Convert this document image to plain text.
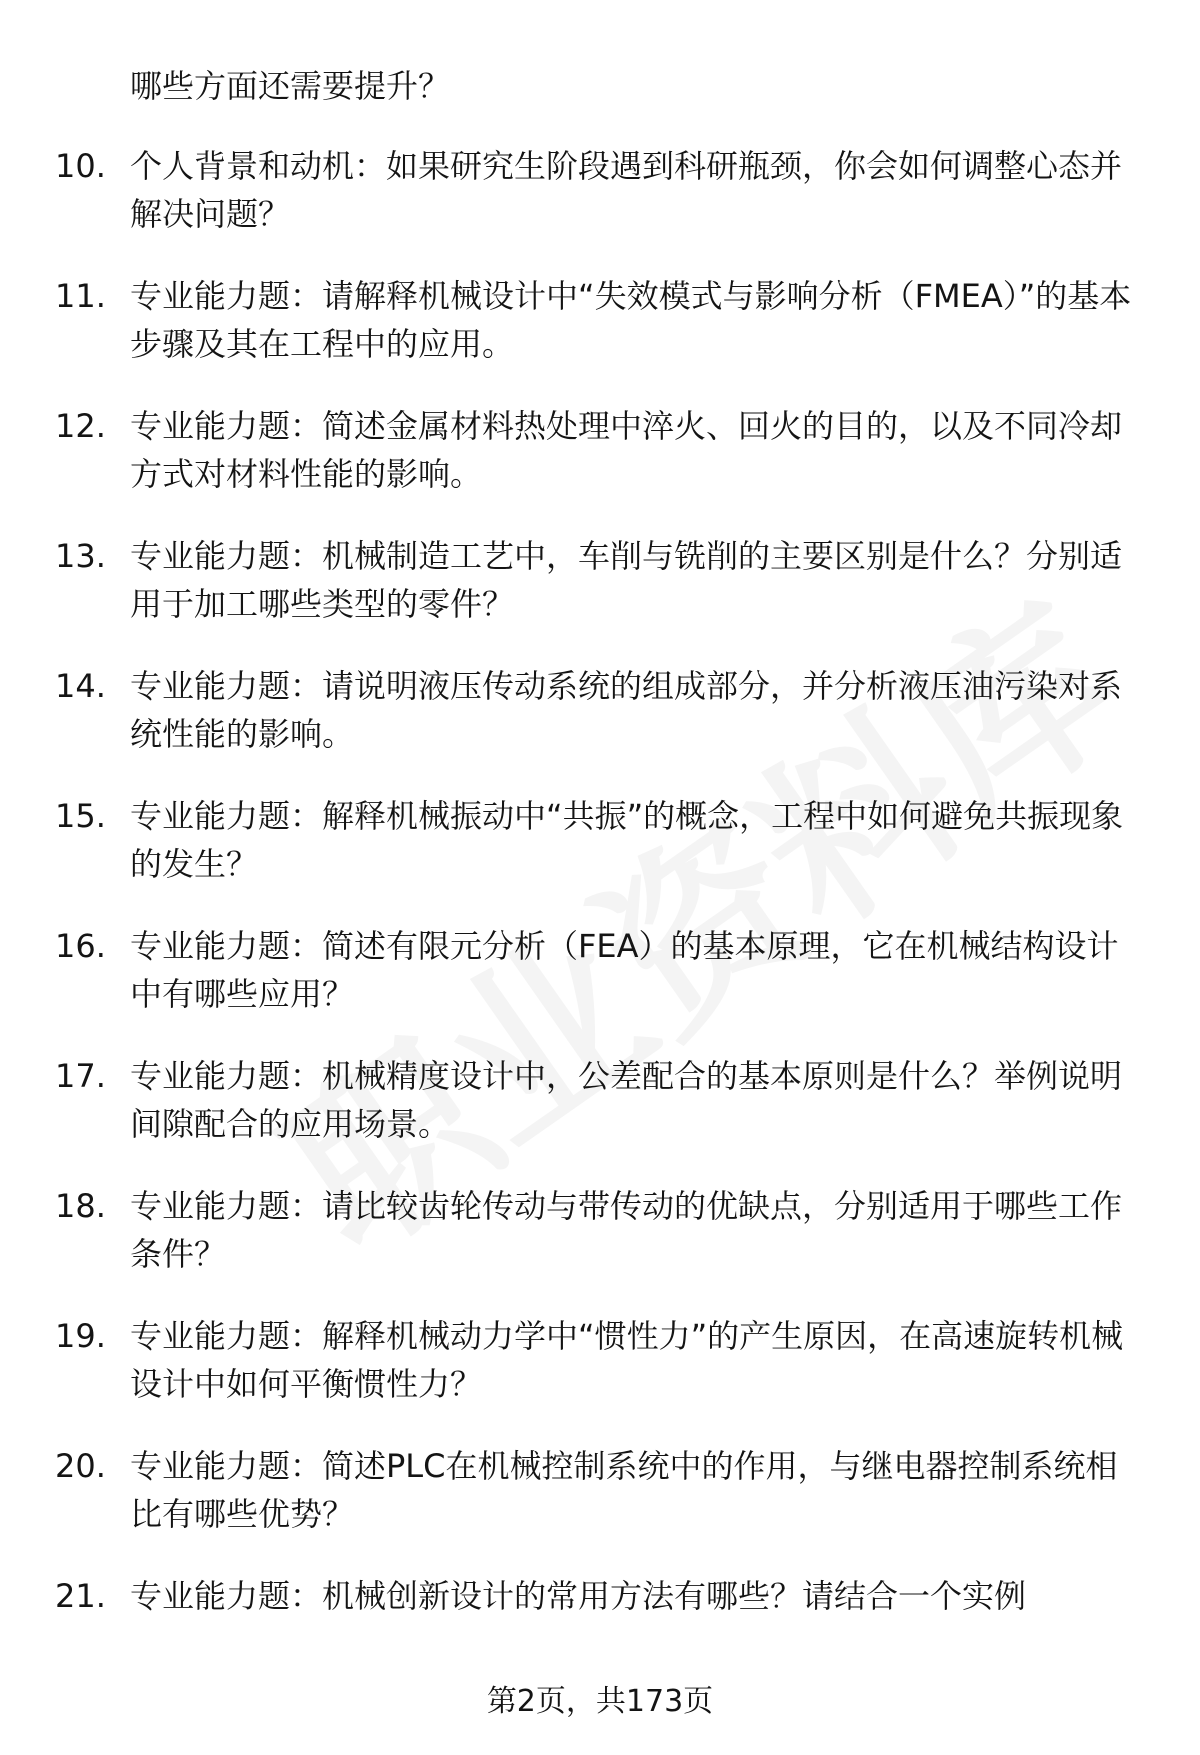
哪些方面还需要提升？
10. 个人背景和动机：如果研究生阶段遇到科研瓶颈，你会如何调整心态并解决问题？
11. 专业能力题：请解释机械设计中“失效模式与影响分析（FMEA）”的基本步骤及其在工程中的应用。
12. 专业能力题：简述金属材料热处理中淬火、回火的目的，以及不同冷却方式对材料性能的影响。
13. 专业能力题：机械制造工艺中，车削与铣削的主要区别是什么？分别适用于加工哪些类型的零件？
14. 专业能力题：请说明液压传动系统的组成部分，并分析液压油污染对系统性能的影响。
15. 专业能力题：解释机械振动中“共振”的概念，工程中如何避免共振现象的发生？
16. 专业能力题：简述有限元分析（FEA）的基本原理，它在机械结构设计中有哪些应用？
17. 专业能力题：机械精度设计中，公差配合的基本原则是什么？举例说明间隙配合的应用场景。
18. 专业能力题：请比较齿轮传动与带传动的优缺点，分别适用于哪些工作条件？
19. 专业能力题：解释机械动力学中“惯性力”的产生原因，在高速旋转机械设计中如何平衡惯性力？
20. 专业能力题：简述PLC在机械控制系统中的作用，与继电器控制系统相比有哪些优势？
21. 专业能力题：机械创新设计的常用方法有哪些？请结合一个实例
第2页，共173页
